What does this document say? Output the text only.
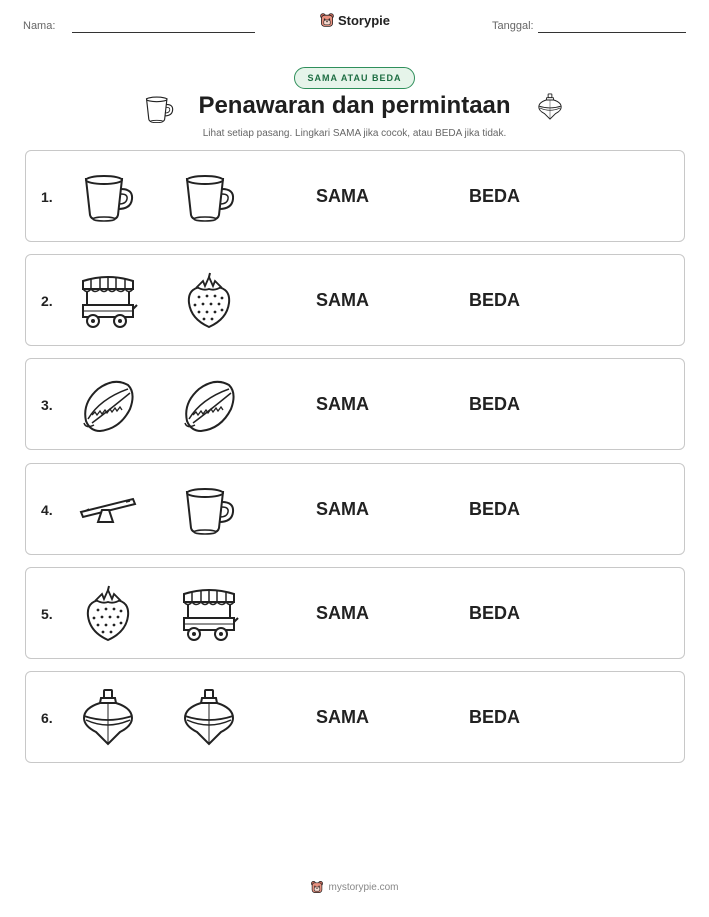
Nama:	Storypie	Tanggal:
SAMA ATAU BEDA
Penawaran dan permintaan
Lihat setiap pasang. Lingkari SAMA jika cocok, atau BEDA jika tidak.
1.	SAMA	BEDA
2.	SAMA	BEDA
3.	SAMA	BEDA
4.	SAMA	BEDA
5.	SAMA	BEDA
6.	SAMA	BEDA
mystorypie.com
